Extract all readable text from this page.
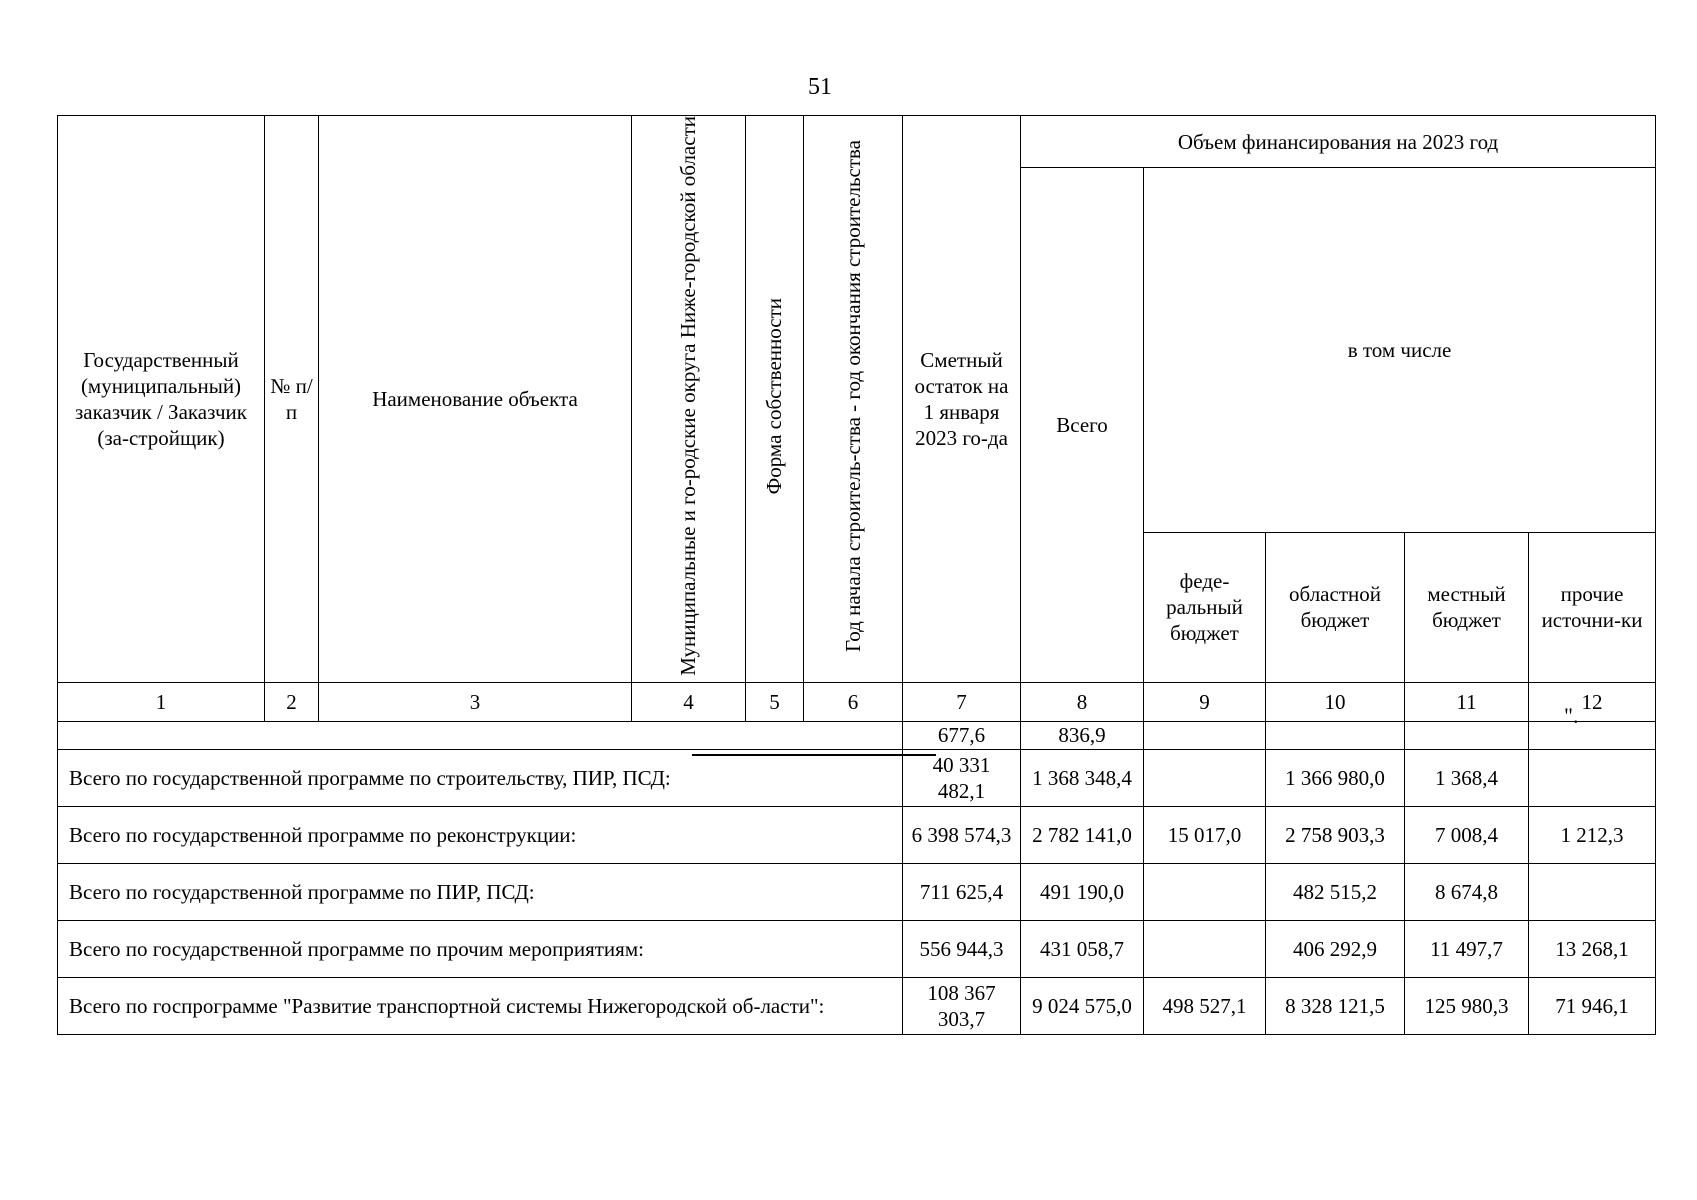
51
Государственный (муниципальный) заказчик / Заказчик (за-стройщик)	№ п/п	Наименование объекта	Муниципальные и го-родские округа Ниже-городской области	Форма собственности	Год начала строитель-ства - год окончания строительства	Сметный остаток на 1 января 2023 го-да	Объем финансирования на 2023 год				
							Всего	в том числе			
								феде-ральный бюджет	областной бюджет	местный бюджет	прочие источни-ки
1	2	3	4	5	6	7	8	9	10	11	12
						677,6	836,9				
Всего по государственной программе по строительству, ПИР, ПСД:						40 331 482,1	1 368 348,4		1 366 980,0	1 368,4	
Всего по государственной программе по реконструкции:						6 398 574,3	2 782 141,0	15 017,0	2 758 903,3	7 008,4	1 212,3
Всего по государственной программе по ПИР, ПСД:						711 625,4	491 190,0		482 515,2	8 674,8	
Всего по государственной программе по прочим мероприятиям:						556 944,3	431 058,7		406 292,9	11 497,7	13 268,1
Всего по госпрограмме "Развитие транспортной системы Нижегородской об-ласти":						108 367 303,7	9 024 575,0	498 527,1	8 328 121,5	125 980,3	71 946,1
".
